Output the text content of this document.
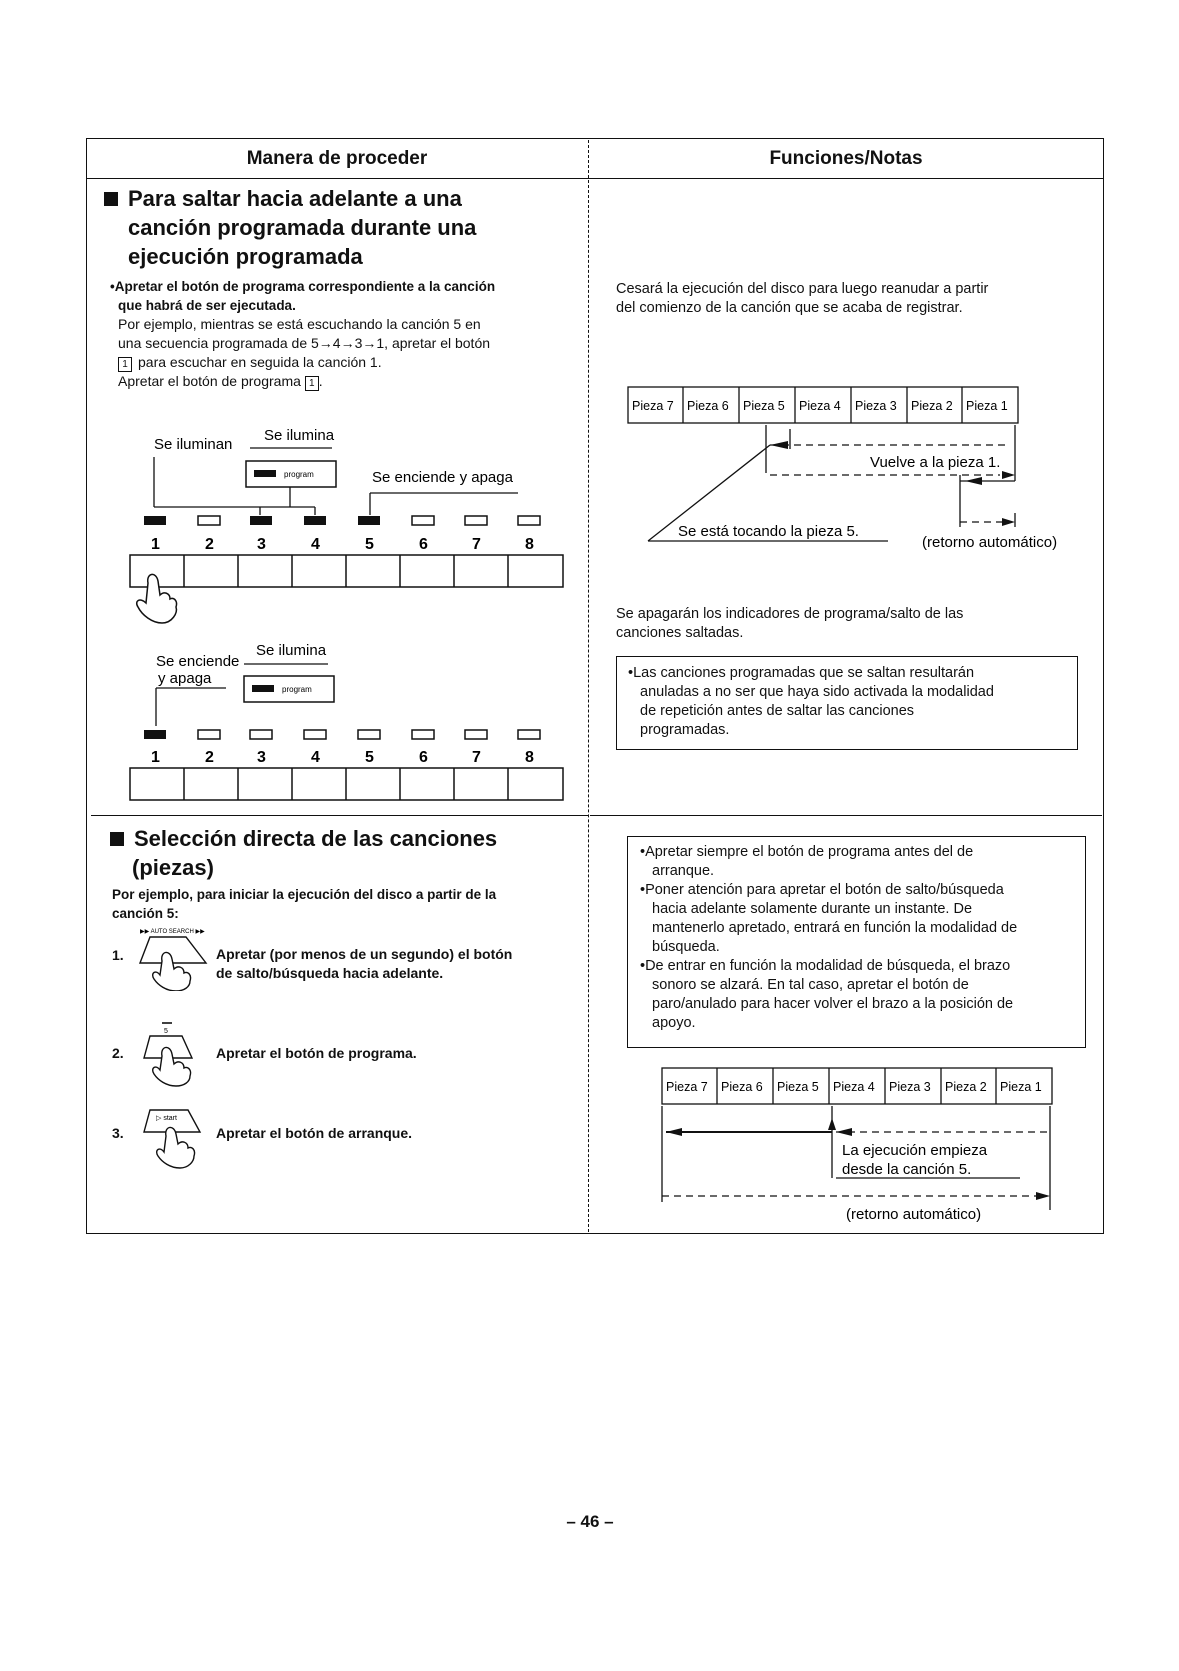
Manera de proceder	Funciones/Notas
Para saltar hacia adelante a una
canción programada durante una
ejecución programada
•Apretar el botón de programa correspondiente a la canción
que habrá de ser ejecutada.
Por ejemplo, mientras se está escuchando la canción 5 en
una secuencia programada de 5→4→3→1, apretar el botón
1 para escuchar en seguida la canción 1.
Apretar el botón de programa 1 .
Se iluminan
Se ilumina
program	Se enciende y apaga
1	2	3	4	5	6	7	8
Se enciende
y apaga
Se ilumina
program
1	2	3	4	5	6	7	8
Cesará la ejecución del disco para luego reanudar a partir
del comienzo de la canción que se acaba de registrar.
Pieza 7 Pieza 6 Pieza 5 Pieza 4 Pieza 3 Pieza 2 Pieza 1
Vuelve a la pieza 1.
Se está tocando la pieza 5.
(retorno automático)
Se apagarán los indicadores de programa/salto de las
canciones saltadas.
•Las canciones programadas que se saltan resultarán
anuladas a no ser que haya sido activada la modalidad
de repetición antes de saltar las canciones
programadas.
Selección directa de las canciones
(piezas)
Por ejemplo, para iniciar la ejecución del disco a partir de la
canción 5:
1.
▶▶ AUTO SEARCH ▶▶
Apretar (por menos de un segundo) el botón
de salto/búsqueda hacia adelante.
2.
5
Apretar el botón de programa.
3.
▷ start
Apretar el botón de arranque.
•Apretar siempre el botón de programa antes del de
arranque.
•Poner atención para apretar el botón de salto/búsqueda
hacia adelante solamente durante un instante. De
mantenerlo apretado, entrará en función la modalidad de
búsqueda.
•De entrar en función la modalidad de búsqueda, el brazo
sonoro se alzará. En tal caso, apretar el botón de
paro/anulado para hacer volver el brazo a la posición de
apoyo.
Pieza 7 Pieza 6 Pieza 5 Pieza 4 Pieza 3 Pieza 2 Pieza 1
La ejecución empieza
desde la canción 5.
(retorno automático)
– 46 –
